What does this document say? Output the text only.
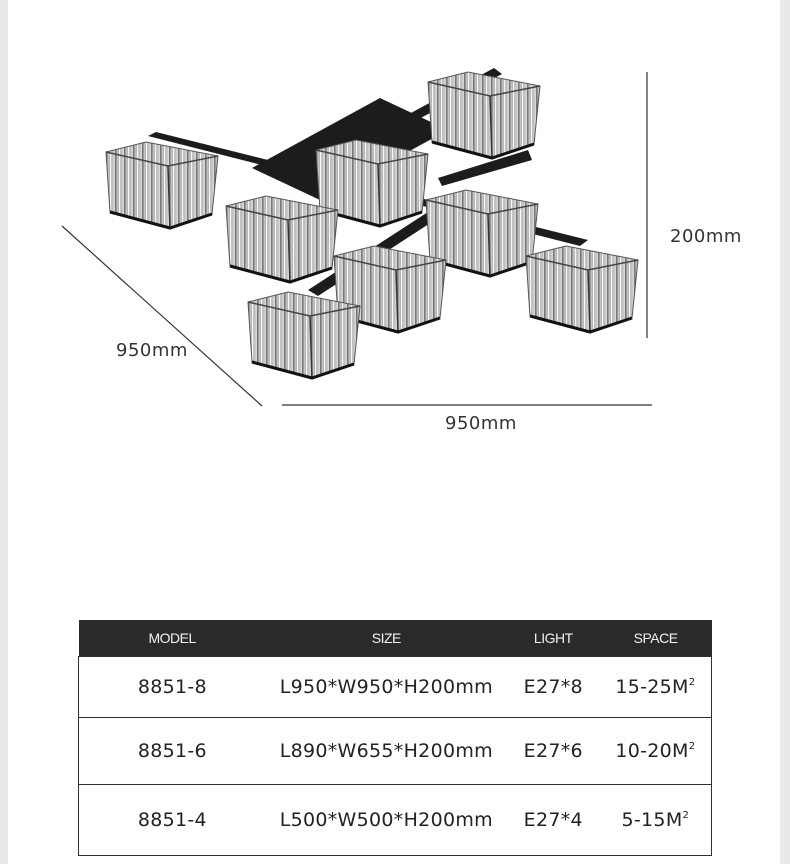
200mm
950mm
950mm
MODEL	SIZE	LIGHT	SPACE
8851-8	L950*W950*H200mm	E27*8	$15-25M^2$
8851-6	L890*W655*H200mm	E27*6	$10-20M^2$
8851-4	L500*W500*H200mm	E27*4	$5-15M^2$
